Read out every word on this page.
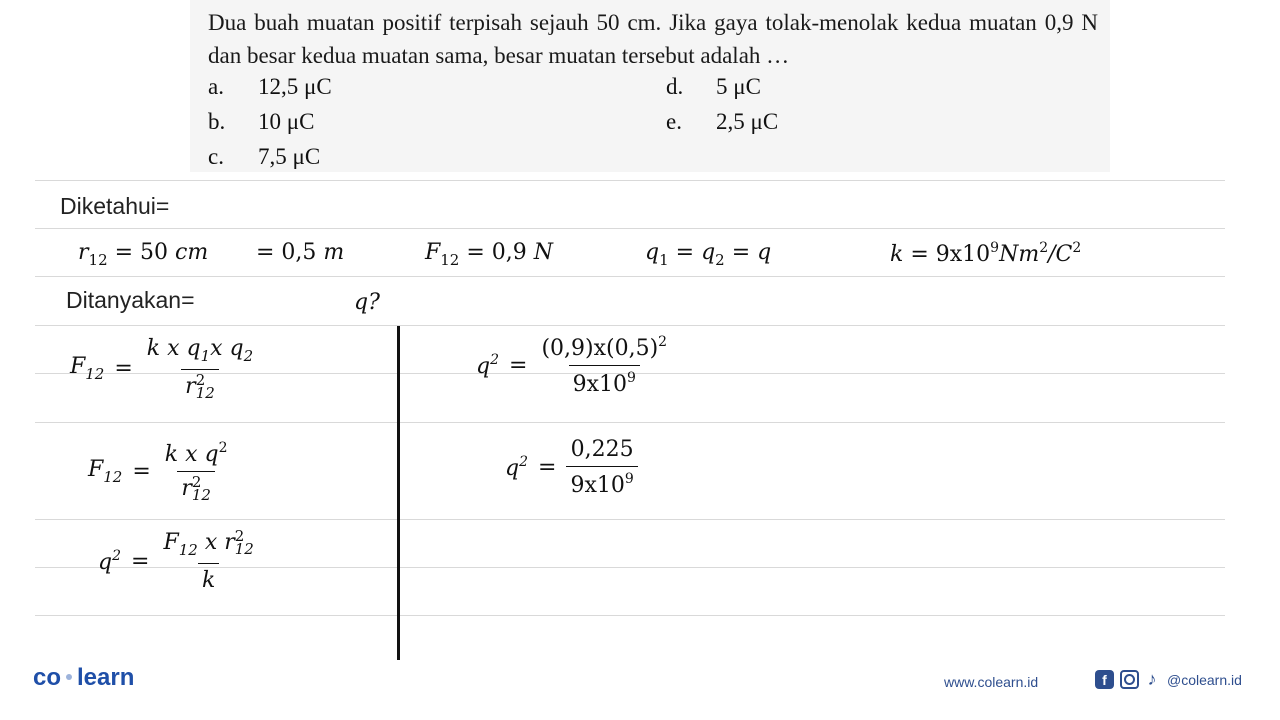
Dua buah muatan positif terpisah sejauh 50 cm. Jika gaya tolak-menolak kedua muatan 0,9 N dan besar kedua muatan sama, besar muatan tersebut adalah …
a. 12,5 μC
b. 10 μC
c. 7,5 μC
d. 5 μC
e. 2,5 μC
Diketahui=
$r_{12} = 50$ cm = 0,5 m	$F_{12} = 0,9$ N	$q_1 = q_2 = q$	$k = 9x10^9Nm^2/C^2$
Ditanyakan=	q?
$F_{12} = k$ x $q_1x$ $q_2$
r 2
12
$F_{12} = k$ x $q^2$
r 2
12
$q^2 = F_{12}$ x r 2
12
k
$q^2 = \frac{(0,9)x(0,5)^2}{9x10^9}$
$q^2 = \frac{0,225}{9x10^9}$
co learn	www.colearn.id	f	♪ @colearn.id
